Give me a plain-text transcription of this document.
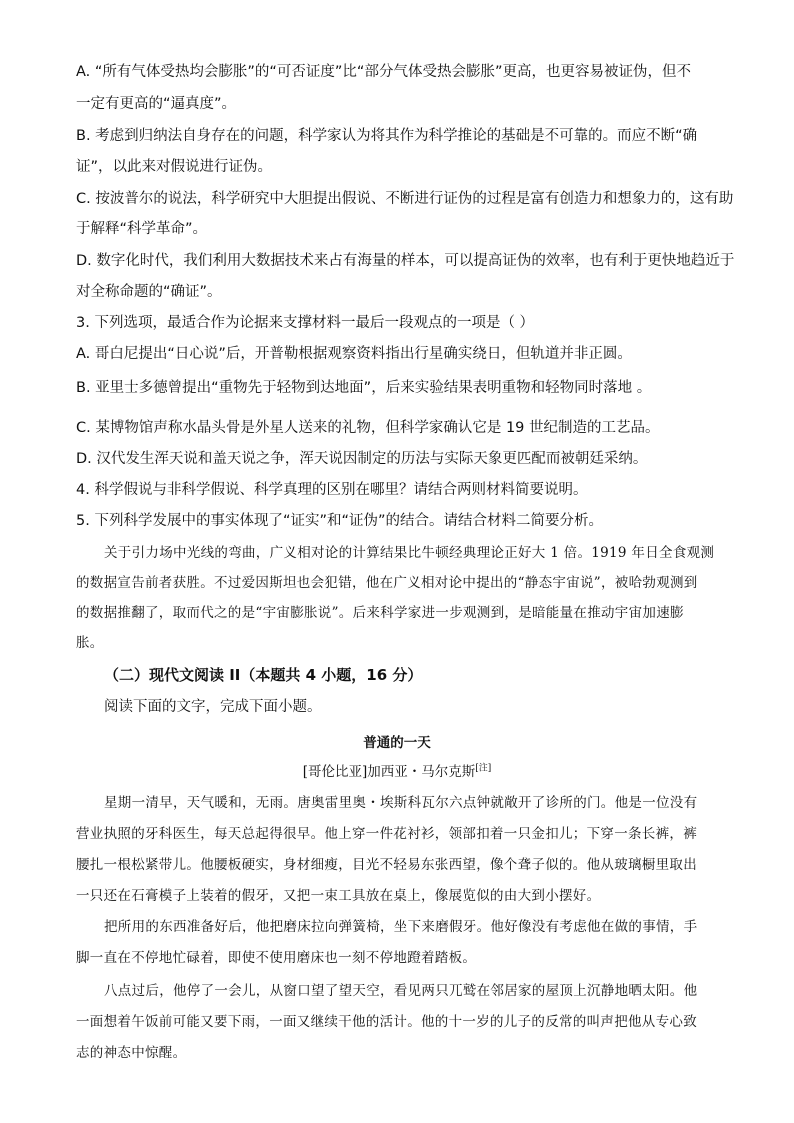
A. “所有气体受热均会膨胀”的“可否证度”比“部分气体受热会膨胀”更高，也更容易被证伪，但不
一定有更高的“逼真度”。
B. 考虑到归纳法自身存在的问题，科学家认为将其作为科学推论的基础是不可靠的。而应不断“确
证”，以此来对假说进行证伪。
C. 按波普尔的说法，科学研究中大胆提出假说、不断进行证伪的过程是富有创造力和想象力的，这有助
于解释“科学革命”。
D. 数字化时代，我们利用大数据技术来占有海量的样本，可以提高证伪的效率，也有利于更快地趋近于
对全称命题的“确证”。
3. 下列选项，最适合作为论据来支撑材料一最后一段观点的一项是（ ）
A. 哥白尼提出“日心说”后，开普勒根据观察资料指出行星确实绕日，但轨道并非正圆。
B. 亚里士多德曾提出“重物先于轻物到达地面”，后来实验结果表明重物和轻物同时落地 。
C. 某博物馆声称水晶头骨是外星人送来的礼物，但科学家确认它是 19 世纪制造的工艺品。
D. 汉代发生浑天说和盖天说之争，浑天说因制定的历法与实际天象更匹配而被朝廷采纳。
4. 科学假说与非科学假说、科学真理的区别在哪里？请结合两则材料简要说明。
5. 下列科学发展中的事实体现了“证实”和“证伪”的结合。请结合材料二简要分析。
关于引力场中光线的弯曲，广义相对论的计算结果比牛顿经典理论正好大 1 倍。1919 年日全食观测
的数据宣告前者获胜。不过爱因斯坦也会犯错，他在广义相对论中提出的“静态宇宙说”，被哈勃观测到
的数据推翻了，取而代之的是“宇宙膨胀说”。后来科学家进一步观测到，是暗能量在推动宇宙加速膨
胀。
（二）现代文阅读 II（本题共 4 小题，16 分）
阅读下面的文字，完成下面小题。
普通的一天
[哥伦比亚]加西亚・马尔克斯[注]
星期一清早，天气暖和，无雨。唐奥雷里奥・埃斯科瓦尔六点钟就敞开了诊所的门。他是一位没有
营业执照的牙科医生，每天总起得很早。他上穿一件花衬衫，领部扣着一只金扣儿；下穿一条长裤，裤
腰扎一根松紧带儿。他腰板硬实，身材细瘦，目光不轻易东张西望，像个聋子似的。他从玻璃橱里取出
一只还在石膏模子上装着的假牙，又把一束工具放在桌上，像展览似的由大到小摆好。
把所用的东西准备好后，他把磨床拉向弹簧椅，坐下来磨假牙。他好像没有考虑他在做的事情，手
脚一直在不停地忙碌着，即使不使用磨床也一刻不停地蹬着踏板。
八点过后，他停了一会儿，从窗口望了望天空，看见两只兀鹫在邻居家的屋顶上沉静地晒太阳。他
一面想着午饭前可能又要下雨，一面又继续干他的活计。他的十一岁的儿子的反常的叫声把他从专心致
志的神态中惊醒。
